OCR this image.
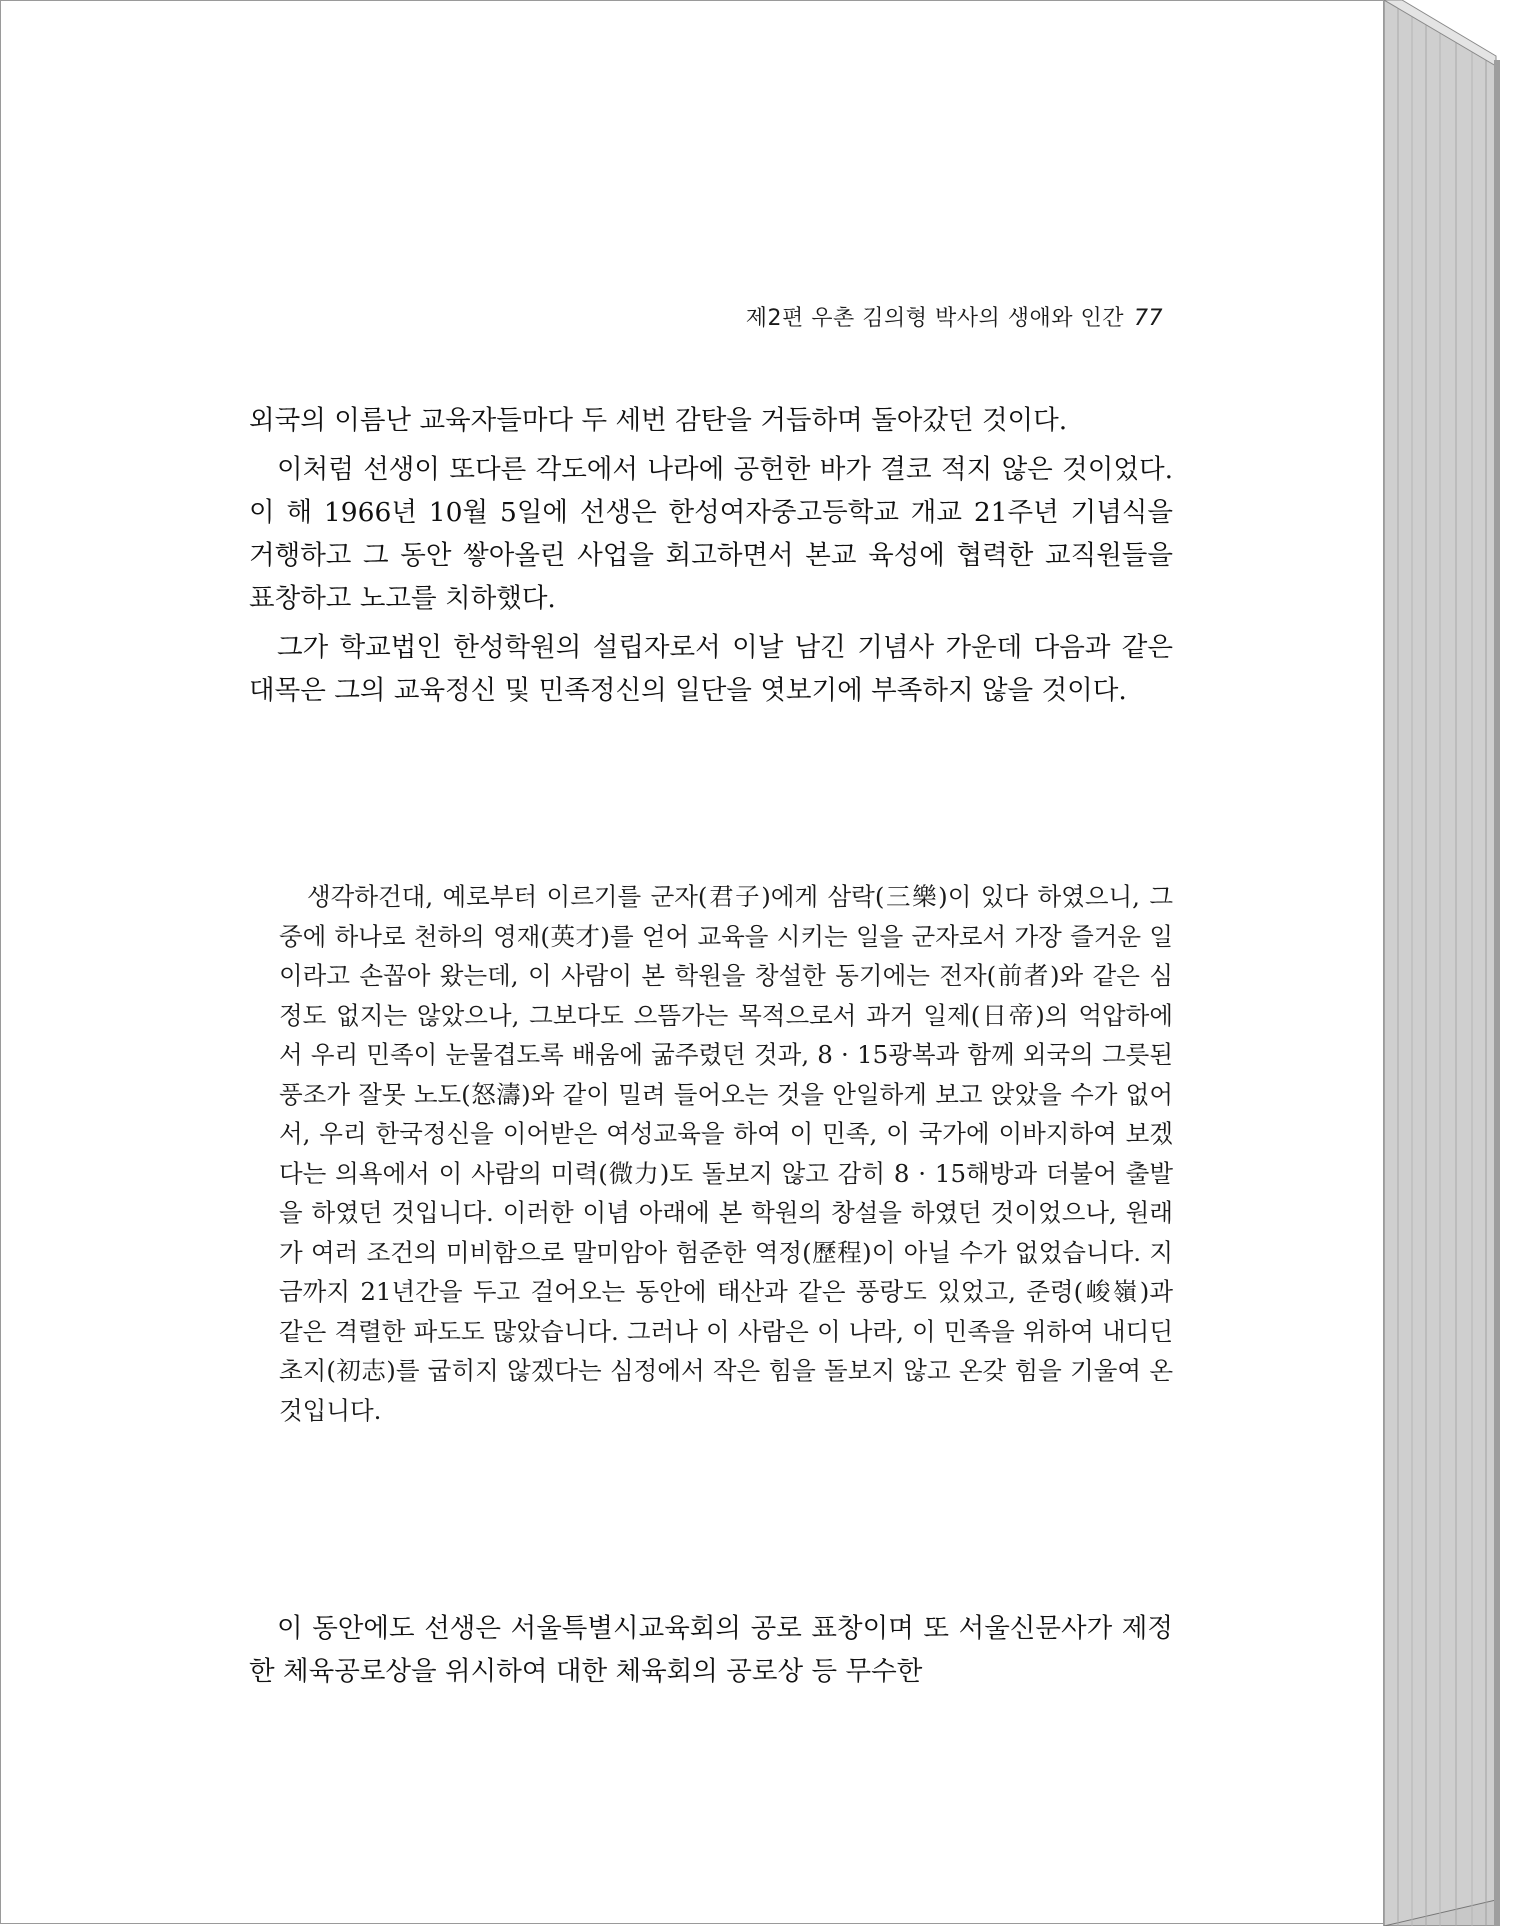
제2편 우촌 김의형 박사의 생애와 인간 77

외국의 이름난 교육자들마다 두 세번 감탄을 거듭하며 돌아갔던 것이다.

이처럼 선생이 또다른 각도에서 나라에 공헌한 바가 결코 적지 않은 것이었다.이 해 1966년 10월 5일에 선생은 한성여자중고등학교 개교 21주년 기념식을 거행하고 그 동안 쌓아올린 사업을 회고하면서 본교 육성에 협력한 교직원들을 표창하고 노고를 치하했다.

그가 학교법인 한성학원의 설립자로서 이날 남긴 기념사 가운데 다음과 같은 대목은 그의 교육정신 및 민족정신의 일단을 엿보기에 부족하지 않을 것이다.

생각하건대, 예로부터 이르기를 군자(君子)에게 삼락(三樂)이 있다 하였으니, 그 중에 하나로 천하의 영재(英才)를 얻어 교육을 시키는 일을 군자로서 가장 즐거운 일이라고 손꼽아 왔는데, 이 사람이 본 학원을 창설한 동기에는 전자(前者)와 같은 심정도 없지는 않았으나, 그보다도 으뜸가는 목적으로서 과거 일제(日帝)의 억압하에서 우리 민족이 눈물겹도록 배움에 굶주렸던 것과, 8 · 15광복과 함께 외국의 그릇된 풍조가 잘못 노도(怒濤)와 같이 밀려 들어오는 것을 안일하게 보고 앉았을 수가 없어서, 우리 한국정신을 이어받은 여성교육을 하여 이 민족, 이 국가에 이바지하여 보겠다는 의욕에서 이 사람의 미력(微力)도 돌보지 않고 감히 8 · 15해방과 더불어 출발을 하였던 것입니다. 이러한 이념 아래에 본 학원의 창설을 하였던 것이었으나, 원래가 여러 조건의 미비함으로 말미암아 험준한 역정(歷程)이 아닐 수가 없었습니다. 지금까지 21년간을 두고 걸어오는 동안에 태산과 같은 풍랑도 있었고, 준령(峻嶺)과 같은 격렬한 파도도 많았습니다. 그러나 이 사람은 이 나라, 이 민족을 위하여 내디딘 초지(初志)를 굽히지 않겠다는 심정에서 작은 힘을 돌보지 않고 온갖 힘을 기울여 온 것입니다.

이 동안에도 선생은 서울특별시교육회의 공로 표창이며 또 서울신문사가 제정한 체육공로상을 위시하여 대한 체육회의 공로상 등 무수한
